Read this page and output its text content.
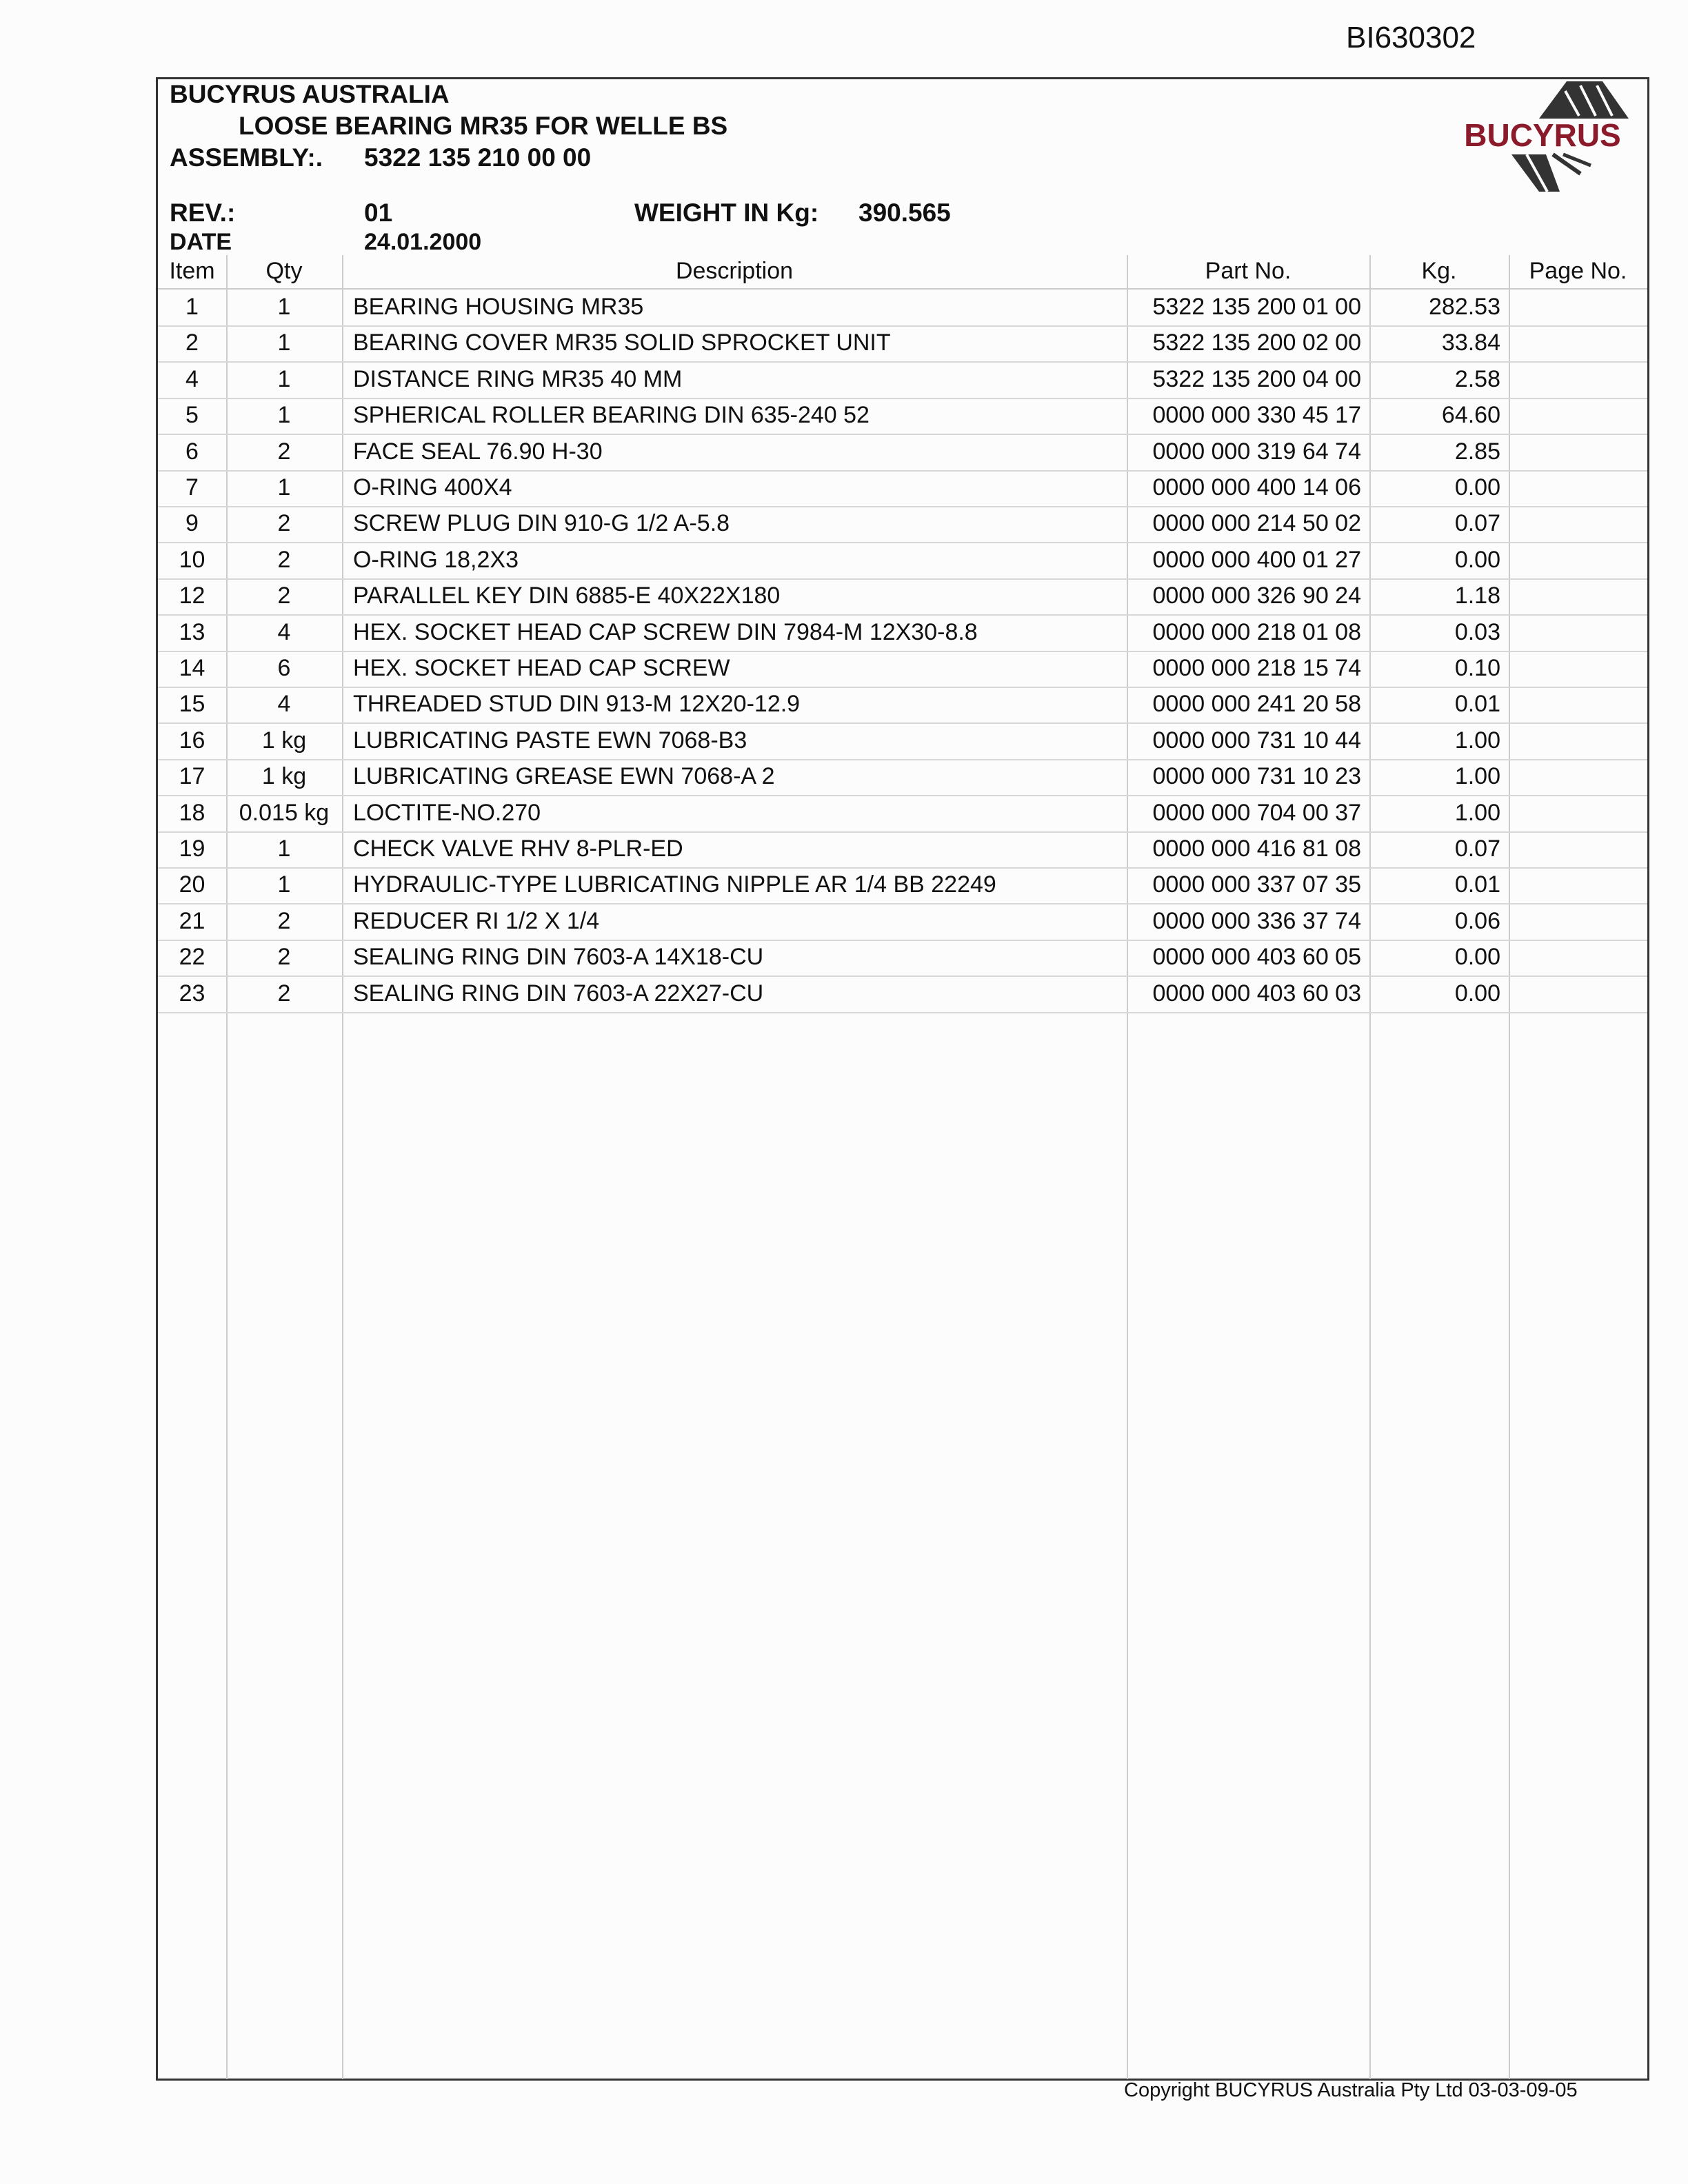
BI630302
BUCYRUS AUSTRALIA
LOOSE BEARING MR35 FOR WELLE BS
ASSEMBLY:. 5322 135 210 00 00
REV.:	01	WEIGHT IN Kg: 390.565
DATE	24.01.2000
BUCYRUS
Item	Qty	Description	Part No.	Kg.	Page No.
1	1	BEARING HOUSING MR35	5322 135 200 01 00	282.53
2	1	BEARING COVER MR35 SOLID SPROCKET UNIT	5322 135 200 02 00	33.84
4	1	DISTANCE RING MR35 40 MM	5322 135 200 04 00	2.58
5	1	SPHERICAL ROLLER BEARING DIN 635-240 52	0000 000 330 45 17	64.60
6	2	FACE SEAL 76.90 H-30	0000 000 319 64 74	2.85
7	1	O-RING 400X4	0000 000 400 14 06	0.00
9	2	SCREW PLUG DIN 910-G 1/2 A-5.8	0000 000 214 50 02	0.07
10	2	O-RING 18,2X3	0000 000 400 01 27	0.00
12	2	PARALLEL KEY DIN 6885-E 40X22X180	0000 000 326 90 24	1.18
13	4	HEX. SOCKET HEAD CAP SCREW DIN 7984-M 12X30-8.8	0000 000 218 01 08	0.03
14	6	HEX. SOCKET HEAD CAP SCREW	0000 000 218 15 74	0.10
15	4	THREADED STUD DIN 913-M 12X20-12.9	0000 000 241 20 58	0.01
16	1 kg	LUBRICATING PASTE EWN 7068-B3	0000 000 731 10 44	1.00
17	1 kg	LUBRICATING GREASE EWN 7068-A 2	0000 000 731 10 23	1.00
18	0.015 kg	LOCTITE-NO.270	0000 000 704 00 37	1.00
19	1	CHECK VALVE RHV 8-PLR-ED	0000 000 416 81 08	0.07
20	1	HYDRAULIC-TYPE LUBRICATING NIPPLE AR 1/4 BB 22249	0000 000 337 07 35	0.01
21	2	REDUCER RI 1/2 X 1/4	0000 000 336 37 74	0.06
22	2	SEALING RING DIN 7603-A 14X18-CU	0000 000 403 60 05	0.00
23	2	SEALING RING DIN 7603-A 22X27-CU	0000 000 403 60 03	0.00
Copyright BUCYRUS Australia Pty Ltd 03-03-09-05
